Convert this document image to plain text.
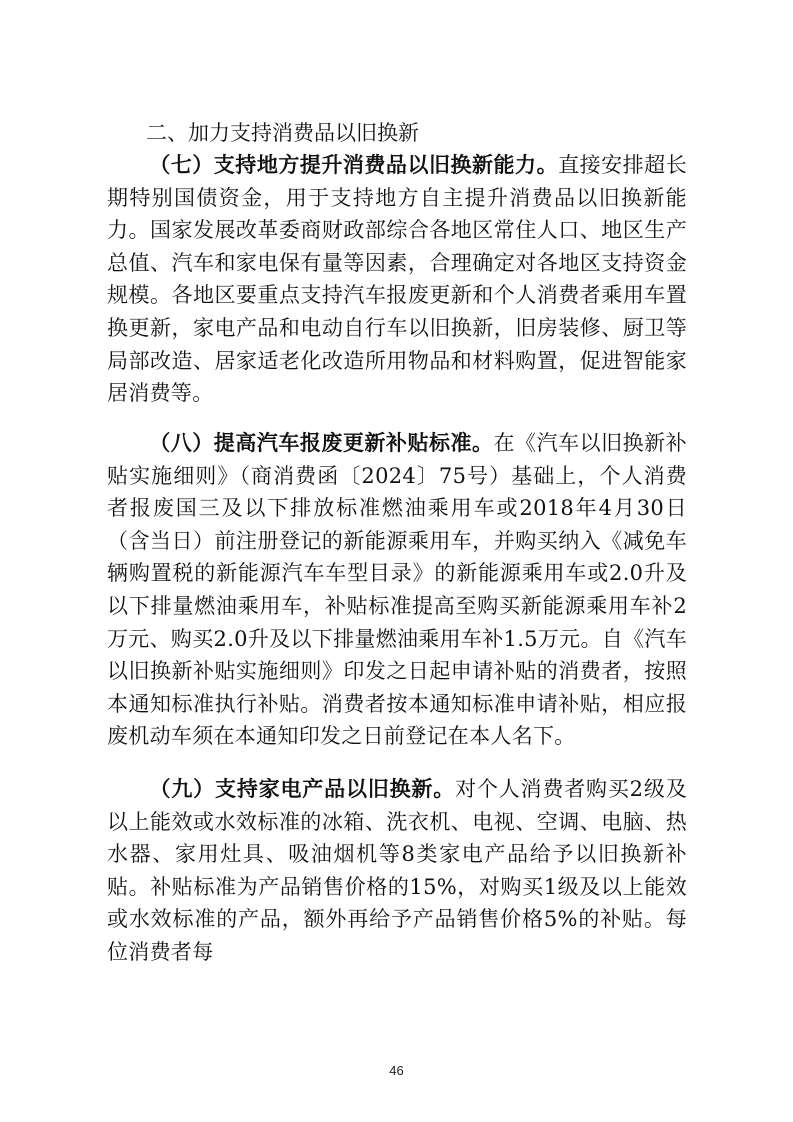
二、加力支持消费品以旧换新
（七）支持地方提升消费品以旧换新能力。直接安排超长期特别国债资金，用于支持地方自主提升消费品以旧换新能力。国家发展改革委商财政部综合各地区常住人口、地区生产总值、汽车和家电保有量等因素，合理确定对各地区支持资金规模。各地区要重点支持汽车报废更新和个人消费者乘用车置换更新，家电产品和电动自行车以旧换新，旧房装修、厨卫等局部改造、居家适老化改造所用物品和材料购置，促进智能家居消费等。
（八）提高汽车报废更新补贴标准。在《汽车以旧换新补贴实施细则》（商消费函〔2024〕75号）基础上，个人消费者报废国三及以下排放标准燃油乘用车或2018年4月30日（含当日）前注册登记的新能源乘用车，并购买纳入《减免车辆购置税的新能源汽车车型目录》的新能源乘用车或2.0升及以下排量燃油乘用车，补贴标准提高至购买新能源乘用车补2万元、购买2.0升及以下排量燃油乘用车补1.5万元。自《汽车以旧换新补贴实施细则》印发之日起申请补贴的消费者，按照本通知标准执行补贴。消费者按本通知标准申请补贴，相应报废机动车须在本通知印发之日前登记在本人名下。
（九）支持家电产品以旧换新。对个人消费者购买2级及以上能效或水效标准的冰箱、洗衣机、电视、空调、电脑、热水器、家用灶具、吸油烟机等8类家电产品给予以旧换新补贴。补贴标准为产品销售价格的15%，对购买1级及以上能效或水效标准的产品，额外再给予产品销售价格5%的补贴。每位消费者每
46
